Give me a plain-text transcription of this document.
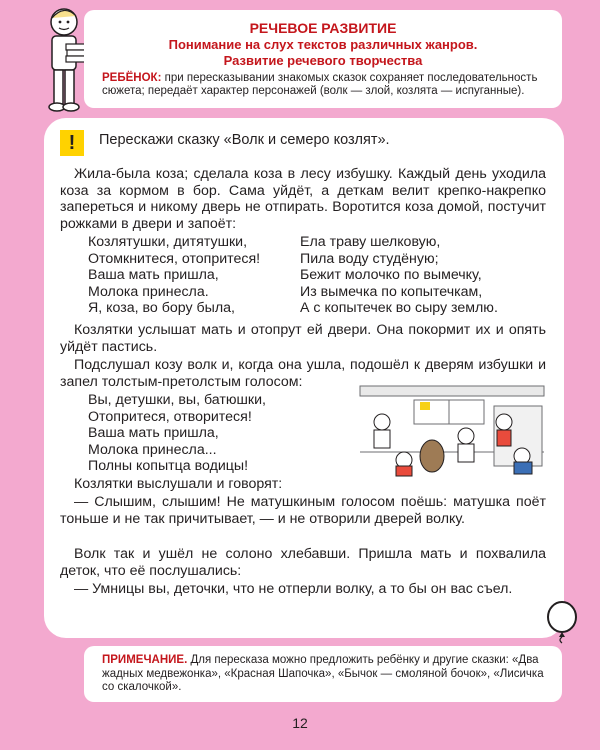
РЕЧЕВОЕ РАЗВИТИЕ
Понимание на слух текстов различных жанров.
Развитие речевого творчества
РЕБЁНОК: при пересказывании знакомых сказок сохраняет последовательность сюжета; передаёт характер персонажей (волк — злой, козлята — испуганные).
!	Перескажи сказку «Волк и семеро козлят».

Жила-была коза; сделала коза в лесу избушку. Каждый день уходила коза за кормом в бор. Сама уйдёт, а деткам велит крепко-накрепко запереться и никому дверь не отпирать. Воротится коза домой, постучит рожками в двери и запоёт:

Козлятушки, дитятушки,
Отомкнитеся, отопритеся!
Ваша мать пришла,
Молока принесла.
Я, коза, во бору была,
Ела траву шелковую,
Пила воду студёную;
Бежит молочко по вымечку,
Из вымечка по копытечкам,
А с копытечек во сыру землю.

Козлятки услышат мать и отопрут ей двери. Она покормит их и опять уйдёт пастись.

Подслушал козу волк и, когда она ушла, подошёл к дверям избушки и запел толстым-претолстым голосом:

Вы, детушки, вы, батюшки,
Отопритеся, отворитеся!
Ваша мать пришла,
Молока принесла...
Полны копытца водицы!

Козлятки выслушали и говорят:

— Слышим, слышим! Не матушкиным голосом поёшь: матушка поёт тоньше и не так причитывает, — и не отворили дверей волку.

Волк так и ушёл не солоно хлебавши. Пришла мать и похвалила деток, что её послушались:

— Умницы вы, деточки, что не отперли волку, а то бы он вас съел.

ПРИМЕЧАНИЕ. Для пересказа можно предложить ребёнку и другие сказки: «Два жадных медвежонка», «Красная Шапочка», «Бычок — смоляной бочок», «Лисичка со скалочкой».
12
